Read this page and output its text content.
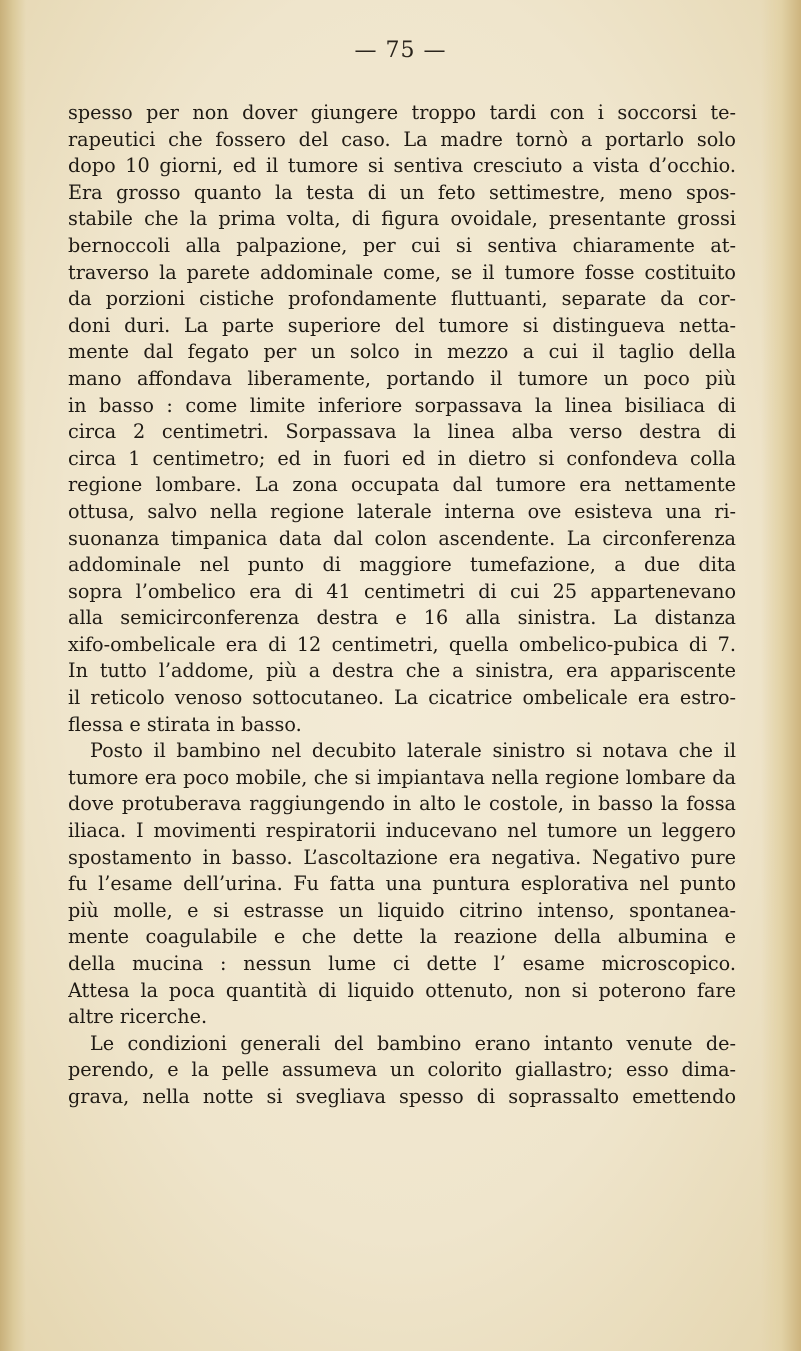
— 75 —
spesso per non dover giungere troppo tardi con i soccorsi te-
rapeutici che fossero del caso. La madre tornò a portarlo solo
dopo 10 giorni, ed il tumore si sentiva cresciuto a vista d’occhio.
Era grosso quanto la testa di un feto settimestre, meno spos-
stabile che la prima volta, di figura ovoidale, presentante grossi
bernoccoli alla palpazione, per cui si sentiva chiaramente at-
traverso la parete addominale come, se il tumore fosse costituito
da porzioni cistiche profondamente fluttuanti, separate da cor-
doni duri. La parte superiore del tumore si distingueva netta-
mente dal fegato per un solco in mezzo a cui il taglio della
mano affondava liberamente, portando il tumore un poco più
in basso : come limite inferiore sorpassava la linea bisiliaca di
circa 2 centimetri. Sorpassava la linea alba verso destra di
circa 1 centimetro; ed in fuori ed in dietro si confondeva colla
regione lombare. La zona occupata dal tumore era nettamente
ottusa, salvo nella regione laterale interna ove esisteva una ri-
suonanza timpanica data dal colon ascendente. La circonferenza
addominale nel punto di maggiore tumefazione, a due dita
sopra l’ombelico era di 41 centimetri di cui 25 appartenevano
alla semicirconferenza destra e 16 alla sinistra. La distanza
xifo-ombelicale era di 12 centimetri, quella ombelico-pubica di 7.
In tutto l’addome, più a destra che a sinistra, era appariscente
il reticolo venoso sottocutaneo. La cicatrice ombelicale era estro-
flessa e stirata in basso.
Posto il bambino nel decubito laterale sinistro si notava che il
tumore era poco mobile, che si impiantava nella regione lombare da
dove protuberava raggiungendo in alto le costole, in basso la fossa
iliaca. I movimenti respiratorii inducevano nel tumore un leggero
spostamento in basso. L’ascoltazione era negativa. Negativo pure
fu l’esame dell’urina. Fu fatta una puntura esplorativa nel punto
più molle, e si estrasse un liquido citrino intenso, spontanea-
mente coagulabile e che dette la reazione della albumina e
della mucina : nessun lume ci dette l’ esame microscopico.
Attesa la poca quantità di liquido ottenuto, non si poterono fare
altre ricerche.
Le condizioni generali del bambino erano intanto venute de-
perendo, e la pelle assumeva un colorito giallastro; esso dima-
grava, nella notte si svegliava spesso di soprassalto emettendo
